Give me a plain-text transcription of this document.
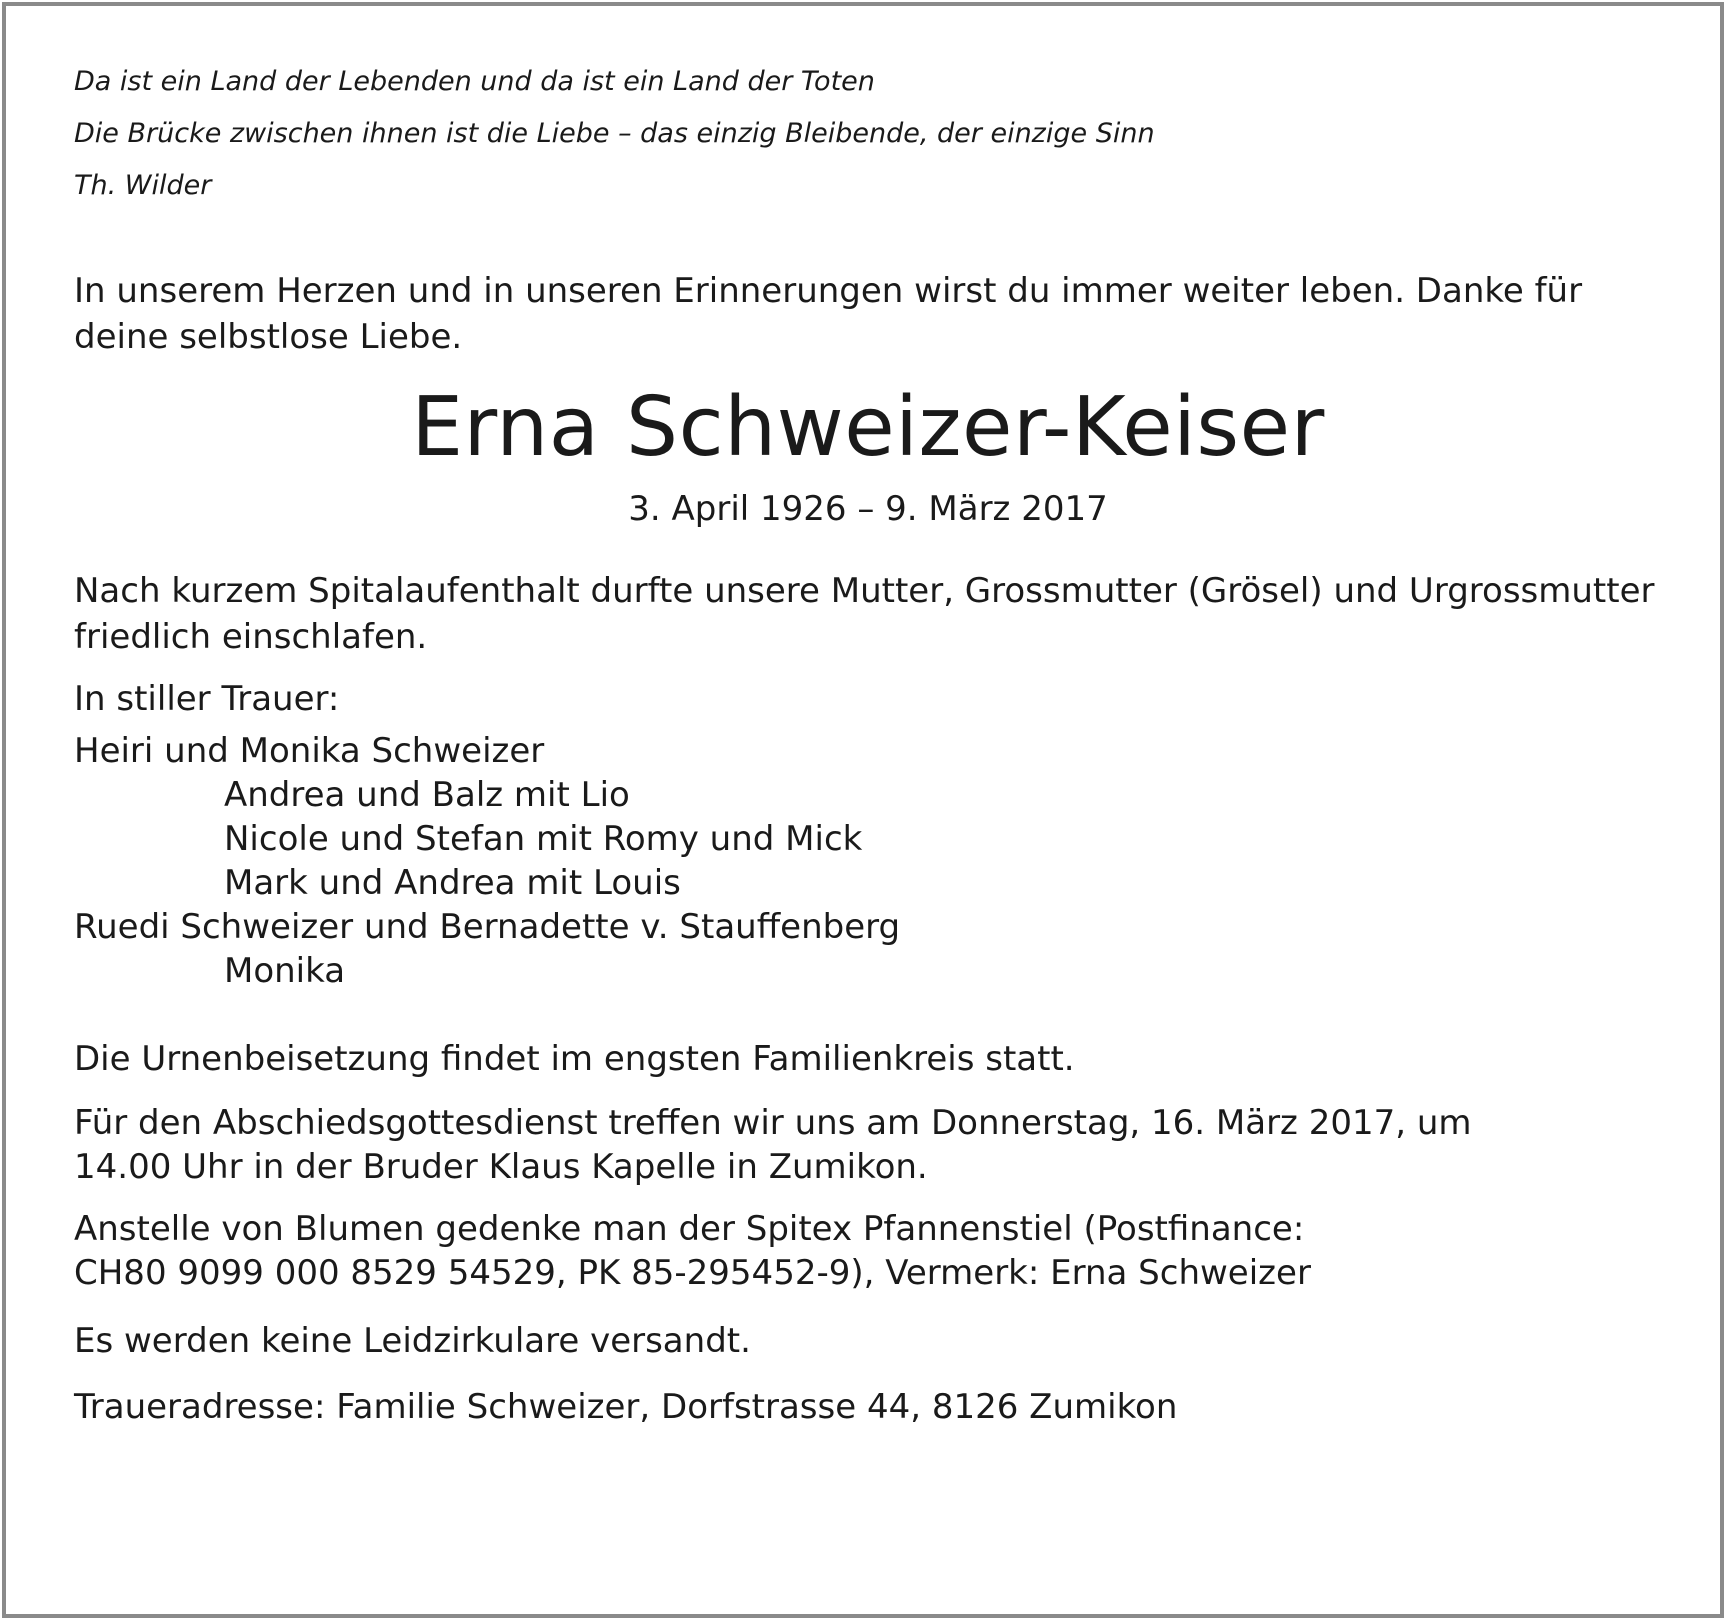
Da ist ein Land der Lebenden und da ist ein Land der Toten
Die Brücke zwischen ihnen ist die Liebe – das einzig Bleibende, der einzige Sinn
Th. Wilder
In unserem Herzen und in unseren Erinnerungen wirst du immer weiter leben. Danke für
deine selbstlose Liebe.
Erna Schweizer-Keiser
3. April 1926 – 9. März 2017
Nach kurzem Spitalaufenthalt durfte unsere Mutter, Grossmutter (Grösel) und Urgrossmutter
friedlich einschlafen.
In stiller Trauer:
Heiri und Monika Schweizer
Andrea und Balz mit Lio
Nicole und Stefan mit Romy und Mick
Mark und Andrea mit Louis
Ruedi Schweizer und Bernadette v. Stauffenberg
Monika
Die Urnenbeisetzung findet im engsten Familienkreis statt.
Für den Abschiedsgottesdienst treffen wir uns am Donnerstag, 16. März 2017, um
14.00 Uhr in der Bruder Klaus Kapelle in Zumikon.
Anstelle von Blumen gedenke man der Spitex Pfannenstiel (Postfinance:
CH80 9099 000 8529 54529, PK 85-295452-9), Vermerk: Erna Schweizer
Es werden keine Leidzirkulare versandt.
Traueradresse: Familie Schweizer, Dorfstrasse 44, 8126 Zumikon
